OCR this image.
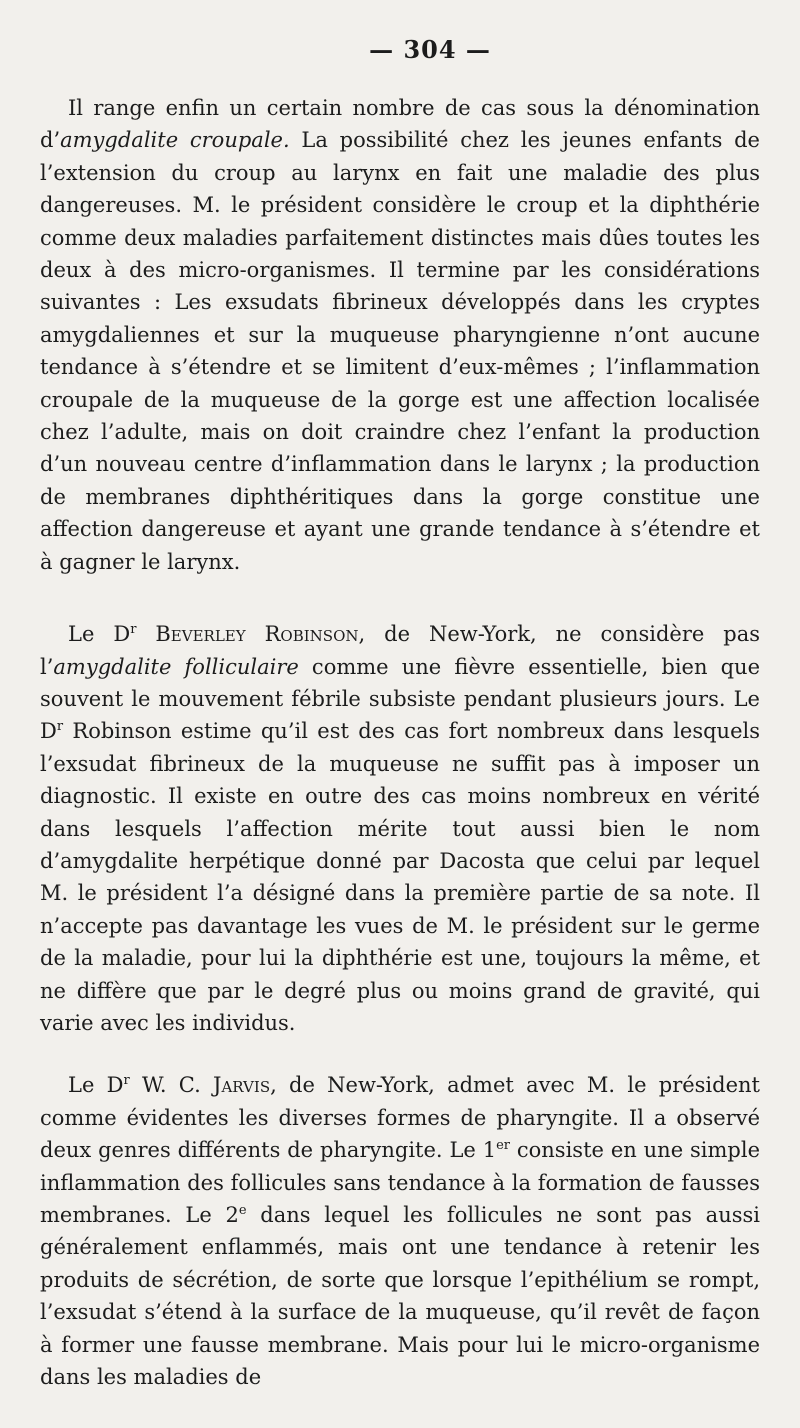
— 304 —

Il range enfin un certain nombre de cas sous la dénomination d’amygdalite croupale. La possibilité chez les jeunes enfants de l’extension du croup au larynx en fait une maladie des plus dangereuses. M. le président considère le croup et la diphthérie comme deux maladies parfaitement distinctes mais dûes toutes les deux à des micro-organismes. Il termine par les considérations suivantes : Les exsudats fibrineux développés dans les cryptes amygdaliennes et sur la muqueuse pharyngienne n’ont aucune tendance à s’étendre et se limitent d’eux-mêmes ; l’inflammation croupale de la muqueuse de la gorge est une affection localisée chez l’adulte, mais on doit craindre chez l’enfant la production d’un nouveau centre d’inflammation dans le larynx ; la production de membranes diphthéritiques dans la gorge constitue une affection dangereuse et ayant une grande tendance à s’étendre et à gagner le larynx.

Le $D^r$ Beverley Robinson, de New-York, ne considère pas l’amygdalite folliculaire comme une fièvre essentielle, bien que souvent le mouvement fébrile subsiste pendant plusieurs jours. Le $D^r$ Robinson estime qu’il est des cas fort nombreux dans lesquels l’exsudat fibrineux de la muqueuse ne suffit pas à imposer un diagnostic. Il existe en outre des cas moins nombreux en vérité dans lesquels l’affection mérite tout aussi bien le nom d’amygdalite herpétique donné par Dacosta que celui par lequel M. le président l’a désigné dans la première partie de sa note. Il n’accepte pas davantage les vues de M. le président sur le germe de la maladie, pour lui la diphthérie est une, toujours la même, et ne diffère que par le degré plus ou moins grand de gravité, qui varie avec les individus.

Le $D^r$ W. C. Jarvis, de New-York, admet avec M. le président comme évidentes les diverses formes de pharyngite. Il a observé deux genres différents de pharyngite. Le 1er consiste en une simple inflammation des follicules sans tendance à la formation de fausses membranes. Le 2e dans lequel les follicules ne sont pas aussi généralement enflammés, mais ont une tendance à retenir les produits de sécrétion, de sorte que lorsque l’epithélium se rompt, l’exsudat s’étend à la surface de la muqueuse, qu’il revêt de façon à former une fausse membrane. Mais pour lui le micro-organisme dans les maladies de
